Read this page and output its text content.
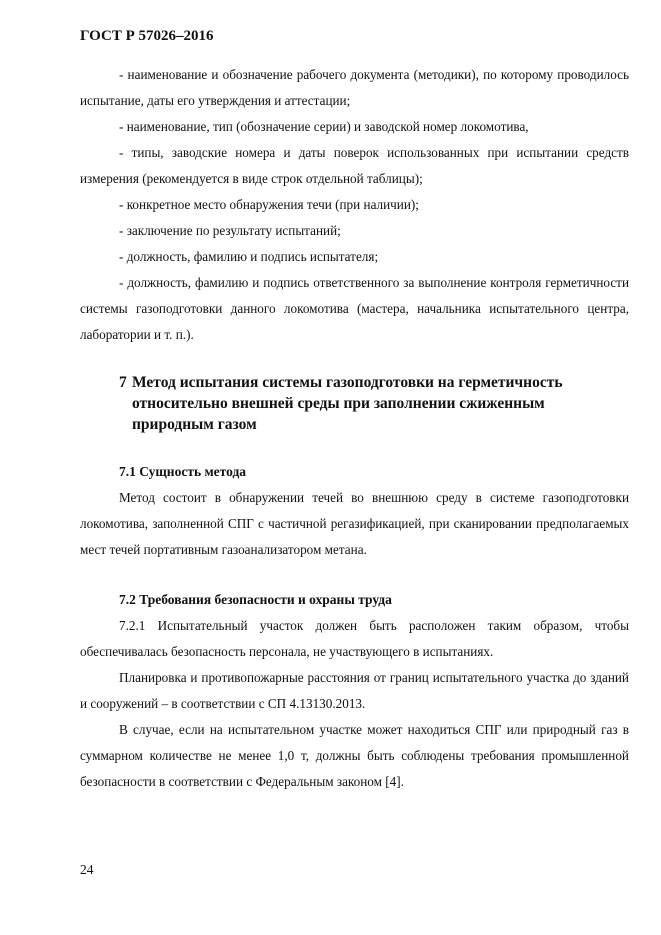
ГОСТ Р 57026–2016

- наименование и обозначение рабочего документа (методики), по которому проводилось испытание, даты его утверждения и аттестации;

- наименование, тип (обозначение серии) и заводской номер локомотива,

- типы, заводские номера и даты поверок использованных при испытании средств измерения (рекомендуется в виде строк отдельной таблицы);

- конкретное место обнаружения течи (при наличии);

- заключение по результату испытаний;

- должность, фамилию и подпись испытателя;

- должность, фамилию и подпись ответственного за выполнение контроля герметичности системы газоподготовки данного локомотива (мастера, начальника испытательного центра, лаборатории и т. п.).

7 Метод испытания системы газоподготовки на герметичность относительно внешней среды при заполнении сжиженным природным газом
7.1 Сущность метода

Метод состоит в обнаружении течей во внешнюю среду в системе газоподготовки локомотива, заполненной СПГ с частичной регазификацией, при сканировании предполагаемых мест течей портативным газоанализатором метана.

7.2 Требования безопасности и охраны труда

7.2.1 Испытательный участок должен быть расположен таким образом, чтобы обеспечивалась безопасность персонала, не участвующего в испытаниях.

Планировка и противопожарные расстояния от границ испытательного участка до зданий и сооружений – в соответствии с СП 4.13130.2013.

В случае, если на испытательном участке может находиться СПГ или природный газ в суммарном количестве не менее 1,0 т, должны быть соблюдены требования промышленной безопасности в соответствии с Федеральным законом [4].

24
